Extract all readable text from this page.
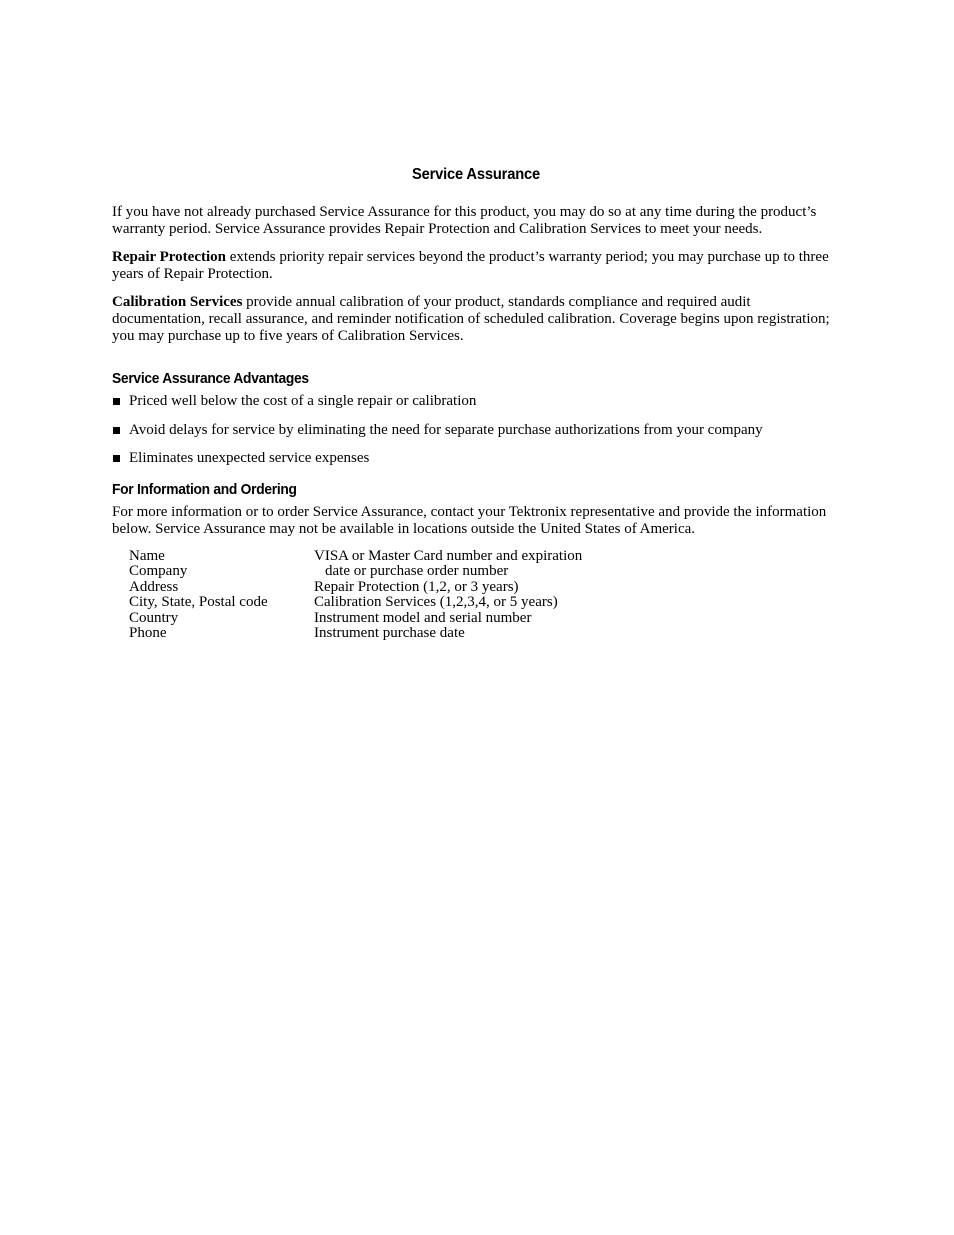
Service Assurance

If you have not already purchased Service Assurance for this product, you may do so at any time during the product’s warranty period. Service Assurance provides Repair Protection and Calibration Services to meet your needs.

Repair Protection extends priority repair services beyond the product’s warranty period; you may purchase up to three years of Repair Protection.

Calibration Services provide annual calibration of your product, standards compliance and required audit documentation, recall assurance, and reminder notification of scheduled calibration. Coverage begins upon registration; you may purchase up to five years of Calibration Services.

Service Assurance Advantages
Priced well below the cost of a single repair or calibration
Avoid delays for service by eliminating the need for separate purchase authorizations from your company
Eliminates unexpected service expenses
For Information and Ordering

For more information or to order Service Assurance, contact your Tektronix representative and provide the information below. Service Assurance may not be available in locations outside the United States of America.

Name	VISA or Master Card number and expiration
Company	date or purchase order number
Address	Repair Protection (1,2, or 3 years)
City, State, Postal code	Calibration Services (1,2,3,4, or 5 years)
Country	Instrument model and serial number
Phone	Instrument purchase date
